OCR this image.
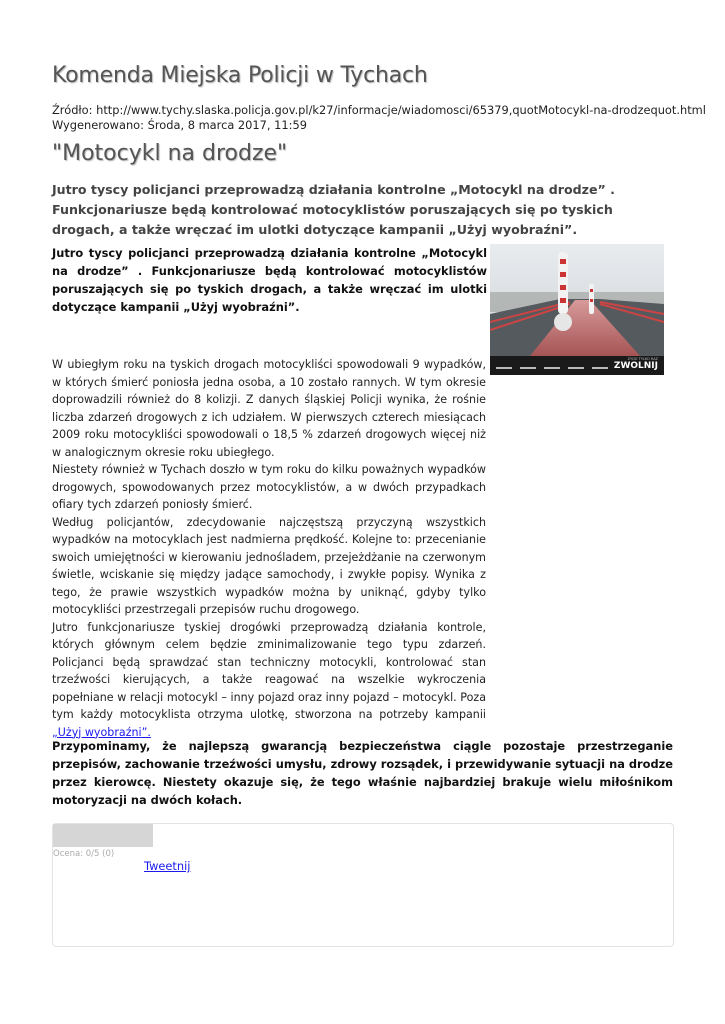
Komenda Miejska Policji w Tychach
Źródło: http://www.tychy.slaska.policja.gov.pl/k27/informacje/wiadomosci/65379,quotMotocykl-na-drodzequot.html
Wygenerowano: Środa, 8 marca 2017, 11:59
"Motocykl na drodze"
Jutro tyscy policjanci przeprowadzą działania kontrolne „Motocykl na drodze” . Funkcjonariusze będą kontrolować motocyklistów poruszających się po tyskich drogach, a także wręczać im ulotki dotyczące kampanii „Użyj wyobraźni”.
Jutro tyscy policjanci przeprowadzą działania kontrolne „Motocykl na drodze” . Funkcjonariusze będą kontrolować motocyklistów poruszających się po tyskich drogach, a także wręczać im ulotki dotyczące kampanii „Użyj wyobraźni”.
ŻYCIE TYLKO RAZ
ZWOLNIJ

W ubiegłym roku na tyskich drogach motocykliści spowodowali 9 wypadków, w których śmierć poniosła jedna osoba, a 10 zostało rannych. W tym okresie doprowadzili również do 8 kolizji. Z danych śląskiej Policji wynika, że rośnie liczba zdarzeń drogowych z ich udziałem. W pierwszych czterech miesiącach 2009 roku motocykliści spowodowali o 18,5 % zdarzeń drogowych więcej niż w analogicznym okresie roku ubiegłego.

Niestety również w Tychach doszło w tym roku do kilku poważnych wypadków drogowych, spowodowanych przez motocyklistów, a w dwóch przypadkach ofiary tych zdarzeń poniosły śmierć.

Według policjantów, zdecydowanie najczęstszą przyczyną wszystkich wypadków na motocyklach jest nadmierna prędkość. Kolejne to: przecenianie swoich umiejętności w kierowaniu jednośladem, przejeżdżanie na czerwonym świetle, wciskanie się między jadące samochody, i zwykłe popisy. Wynika z tego, że prawie wszystkich wypadków można by uniknąć, gdyby tylko motocykliści przestrzegali przepisów ruchu drogowego.

Jutro funkcjonariusze tyskiej drogówki przeprowadzą działania kontrole, których głównym celem będzie zminimalizowanie tego typu zdarzeń. Policjanci będą sprawdzać stan techniczny motocykli, kontrolować stan trzeźwości kierujących, a także reagować na wszelkie wykroczenia popełniane w relacji motocykl – inny pojazd oraz inny pojazd – motocykl. Poza tym każdy motocyklista otrzyma ulotkę, stworzona na potrzeby kampanii „Użyj wyobraźni”.

Przypominamy, że najlepszą gwarancją bezpieczeństwa ciągle pozostaje przestrzeganie przepisów, zachowanie trzeźwości umysłu, zdrowy rozsądek, i przewidywanie sytuacji na drodze przez kierowcę. Niestety okazuje się, że tego właśnie najbardziej brakuje wielu miłośnikom motoryzacji na dwóch kołach.
Ocena: 0/5 (0)
Tweetnij
